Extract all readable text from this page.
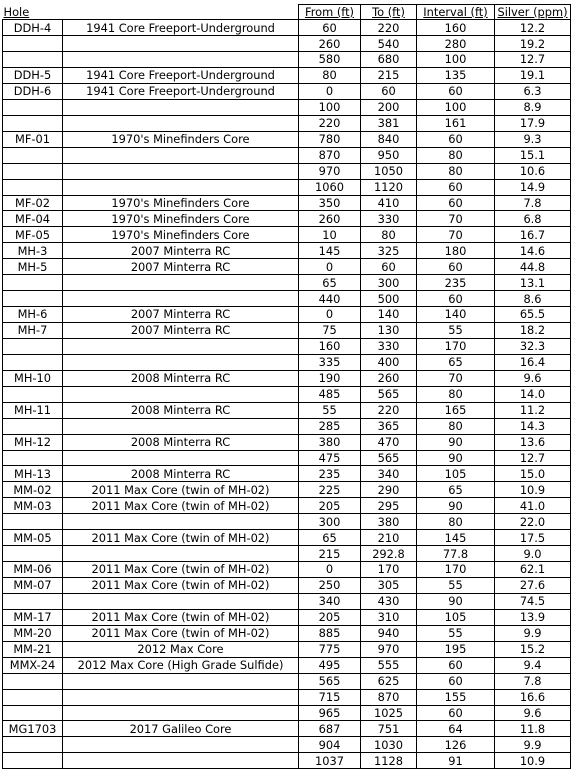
Hole		From (ft)	To (ft)	Interval (ft)	Silver (ppm)
DDH-4	1941 Core Freeport-Underground	60	220	160	12.2
		260	540	280	19.2
		580	680	100	12.7
DDH-5	1941 Core Freeport-Underground	80	215	135	19.1
DDH-6	1941 Core Freeport-Underground	0	60	60	6.3
		100	200	100	8.9
		220	381	161	17.9
MF-01	1970's Minefinders Core	780	840	60	9.3
		870	950	80	15.1
		970	1050	80	10.6
		1060	1120	60	14.9
MF-02	1970's Minefinders Core	350	410	60	7.8
MF-04	1970's Minefinders Core	260	330	70	6.8
MF-05	1970's Minefinders Core	10	80	70	16.7
MH-3	2007 Minterra RC	145	325	180	14.6
MH-5	2007 Minterra RC	0	60	60	44.8
		65	300	235	13.1
		440	500	60	8.6
MH-6	2007 Minterra RC	0	140	140	65.5
MH-7	2007 Minterra RC	75	130	55	18.2
		160	330	170	32.3
		335	400	65	16.4
MH-10	2008 Minterra RC	190	260	70	9.6
		485	565	80	14.0
MH-11	2008 Minterra RC	55	220	165	11.2
		285	365	80	14.3
MH-12	2008 Minterra RC	380	470	90	13.6
		475	565	90	12.7
MH-13	2008 Minterra RC	235	340	105	15.0
MM-02	2011 Max Core (twin of MH-02)	225	290	65	10.9
MM-03	2011 Max Core (twin of MH-02)	205	295	90	41.0
		300	380	80	22.0
MM-05	2011 Max Core (twin of MH-02)	65	210	145	17.5
		215	292.8	77.8	9.0
MM-06	2011 Max Core (twin of MH-02)	0	170	170	62.1
MM-07	2011 Max Core (twin of MH-02)	250	305	55	27.6
		340	430	90	74.5
MM-17	2011 Max Core (twin of MH-02)	205	310	105	13.9
MM-20	2011 Max Core (twin of MH-02)	885	940	55	9.9
MM-21	2012 Max Core	775	970	195	15.2
MMX-24	2012 Max Core (High Grade Sulfide)	495	555	60	9.4
		565	625	60	7.8
		715	870	155	16.6
		965	1025	60	9.6
MG1703	2017 Galileo Core	687	751	64	11.8
		904	1030	126	9.9
		1037	1128	91	10.9
